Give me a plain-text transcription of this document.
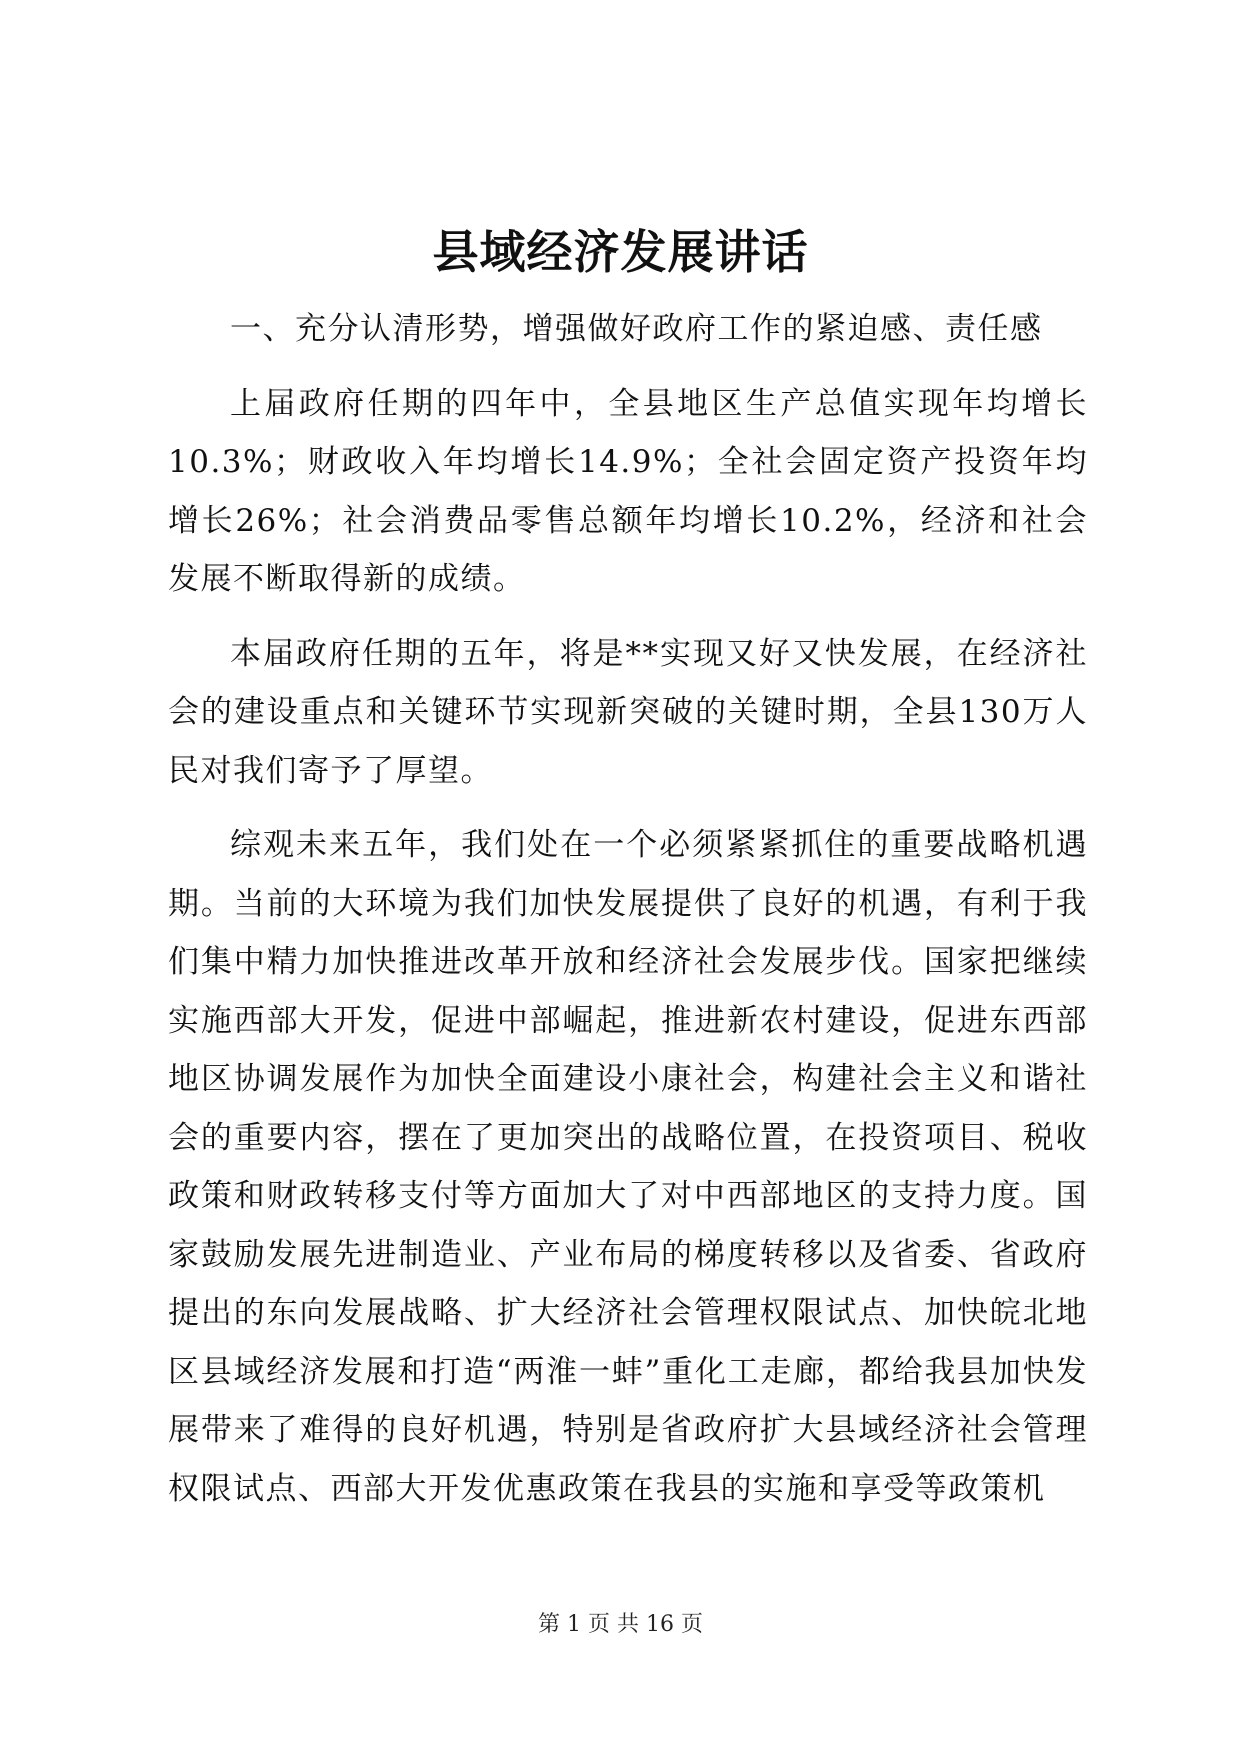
县域经济发展讲话

一、充分认清形势，增强做好政府工作的紧迫感、责任感

上届政府任期的四年中，全县地区生产总值实现年均增长10.3%；财政收入年均增长14.9%；全社会固定资产投资年均增长26%；社会消费品零售总额年均增长10.2%，经济和社会发展不断取得新的成绩。

本届政府任期的五年，将是**实现又好又快发展，在经济社会的建设重点和关键环节实现新突破的关键时期，全县130万人民对我们寄予了厚望。

综观未来五年，我们处在一个必须紧紧抓住的重要战略机遇期。当前的大环境为我们加快发展提供了良好的机遇，有利于我们集中精力加快推进改革开放和经济社会发展步伐。国家把继续实施西部大开发，促进中部崛起，推进新农村建设，促进东西部地区协调发展作为加快全面建设小康社会，构建社会主义和谐社会的重要内容，摆在了更加突出的战略位置，在投资项目、税收政策和财政转移支付等方面加大了对中西部地区的支持力度。国家鼓励发展先进制造业、产业布局的梯度转移以及省委、省政府提出的东向发展战略、扩大经济社会管理权限试点、加快皖北地区县域经济发展和打造“两淮一蚌”重化工走廊，都给我县加快发展带来了难得的良好机遇，特别是省政府扩大县域经济社会管理权限试点、西部大开发优惠政策在我县的实施和享受等政策机

第 1 页 共 16 页
